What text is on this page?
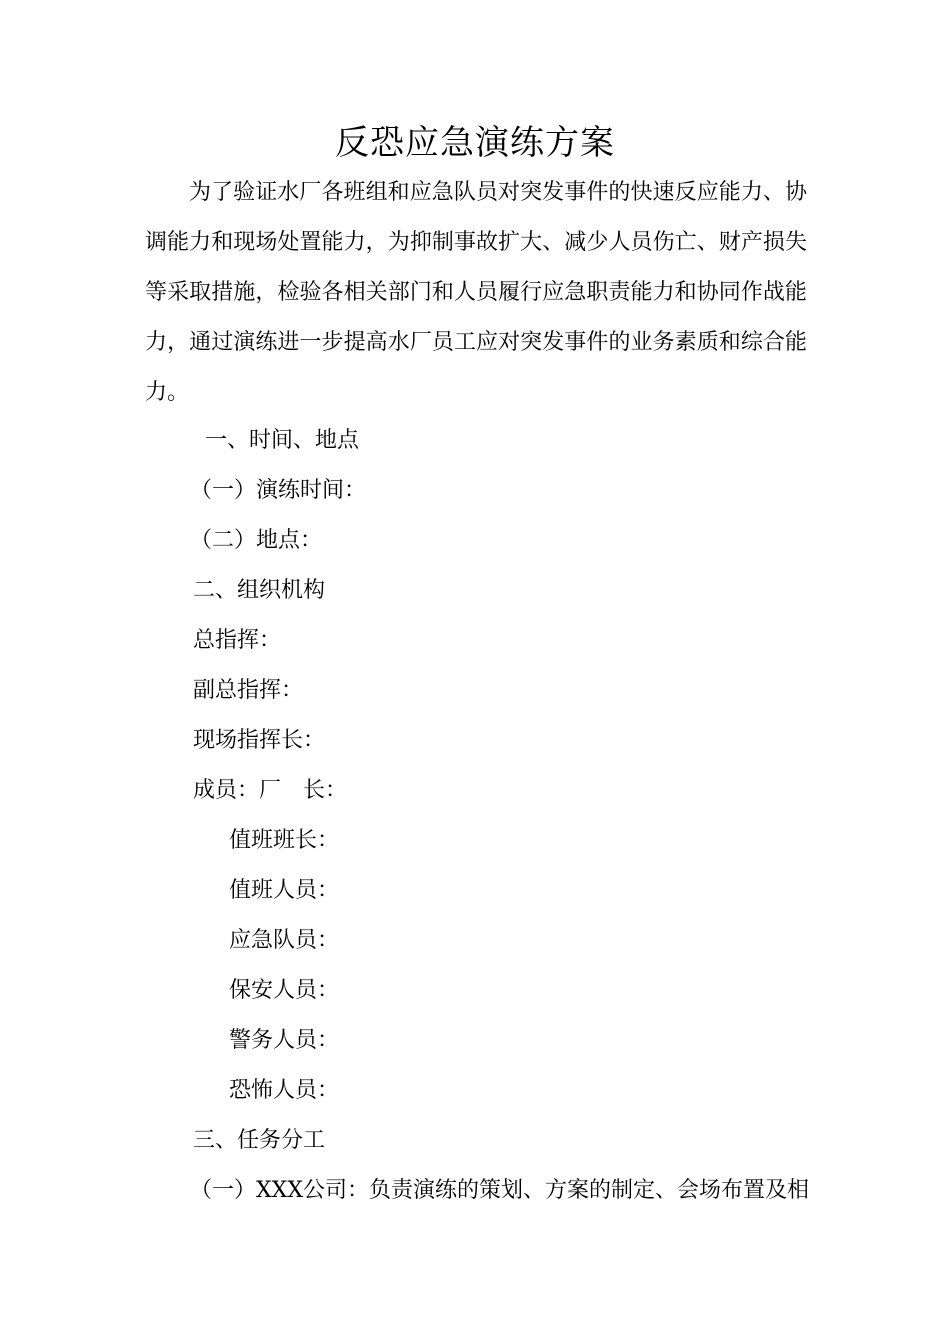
反恐应急演练方案
为了验证水厂各班组和应急队员对突发事件的快速反应能力、协调能力和现场处置能力，为抑制事故扩大、减少人员伤亡、财产损失等采取措施，检验各相关部门和人员履行应急职责能力和协同作战能力，通过演练进一步提高水厂员工应对突发事件的业务素质和综合能力。
一、时间、地点
（一）演练时间：
（二）地点：
二、组织机构
总指挥：
副总指挥：
现场指挥长：
成员：厂　长：
值班班长：
值班人员：
应急队员：
保安人员：
警务人员：
恐怖人员：
三、任务分工
（一）XXX公司：负责演练的策划、方案的制定、会场布置及相
